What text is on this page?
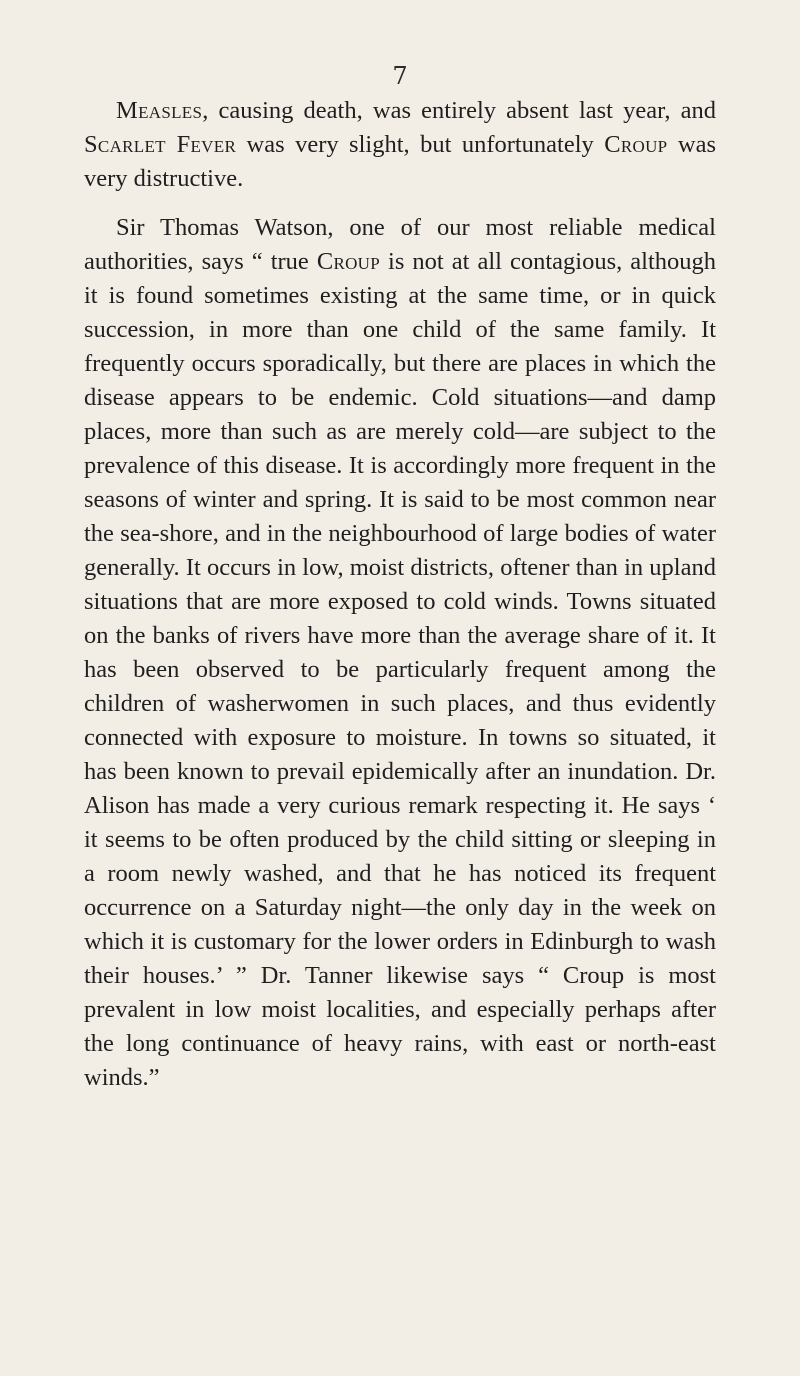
7

Measles, causing death, was entirely absent last year, and Scarlet Fever was very slight, but unfortunately Croup was very distructive.

Sir Thomas Watson, one of our most reliable medical authorities, says “ true Croup is not at all contagious, although it is found sometimes existing at the same time, or in quick succession, in more than one child of the same family. It frequently occurs sporadically, but there are places in which the disease appears to be endemic. Cold situations—and damp places, more than such as are merely cold—are subject to the prevalence of this disease. It is accordingly more frequent in the seasons of winter and spring. It is said to be most common near the sea-shore, and in the neighbourhood of large bodies of water generally. It occurs in low, moist districts, oftener than in upland situations that are more exposed to cold winds. Towns situated on the banks of rivers have more than the average share of it. It has been observed to be particularly frequent among the children of washerwomen in such places, and thus evidently connected with exposure to moisture. In towns so situated, it has been known to prevail epidemically after an inundation. Dr. Alison has made a very curious remark respecting it. He says ‘ it seems to be often produced by the child sitting or sleeping in a room newly washed, and that he has noticed its frequent occurrence on a Saturday night—the only day in the week on which it is customary for the lower orders in Edinburgh to wash their houses.’ ” Dr. Tanner likewise says “ Croup is most prevalent in low moist localities, and especially perhaps after the long continuance of heavy rains, with east or north-east winds.”
